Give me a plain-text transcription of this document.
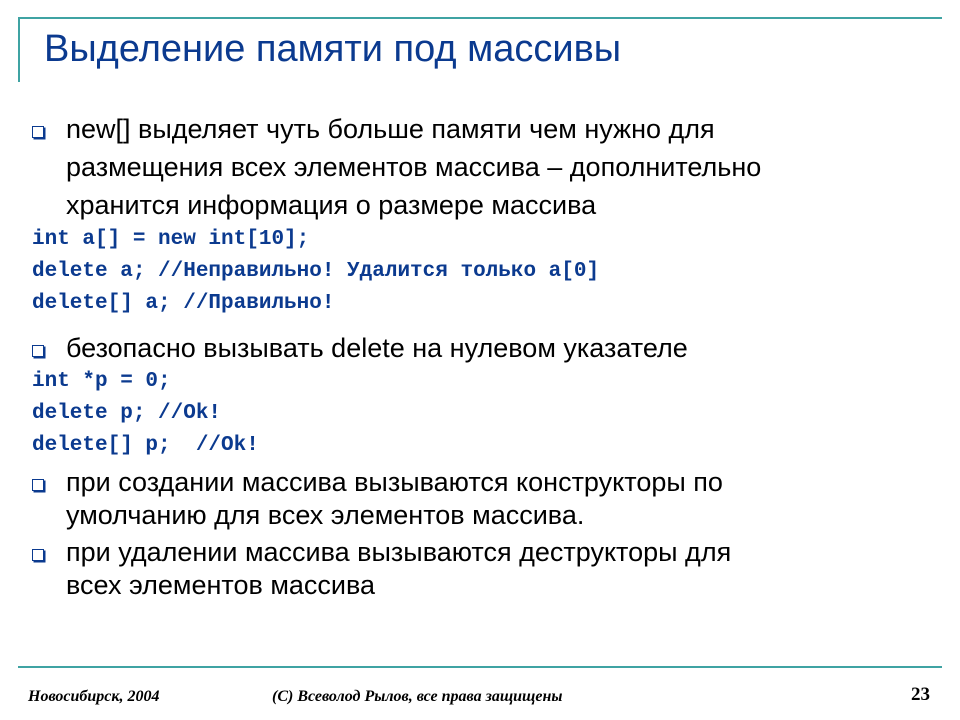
Выделение памяти под массивы
new[] выделяет чуть больше памяти чем нужно для
размещения всех элементов массива – дополнительно
хранится информация о размере массива
int a[] = new int[10];
delete a; //Неправильно! Удалится только a[0]
delete[] a; //Правильно!
безопасно вызывать delete на нулевом указателе
int *p = 0;
delete p; //Ok!
delete[] p;  //Ok!
при создании массива вызываются конструкторы по
умолчанию для всех элементов массива.
при удалении массива вызываются деструкторы для
всех элементов массива
Новосибирск, 2004	(C) Всеволод Рылов, все права защищены	23
